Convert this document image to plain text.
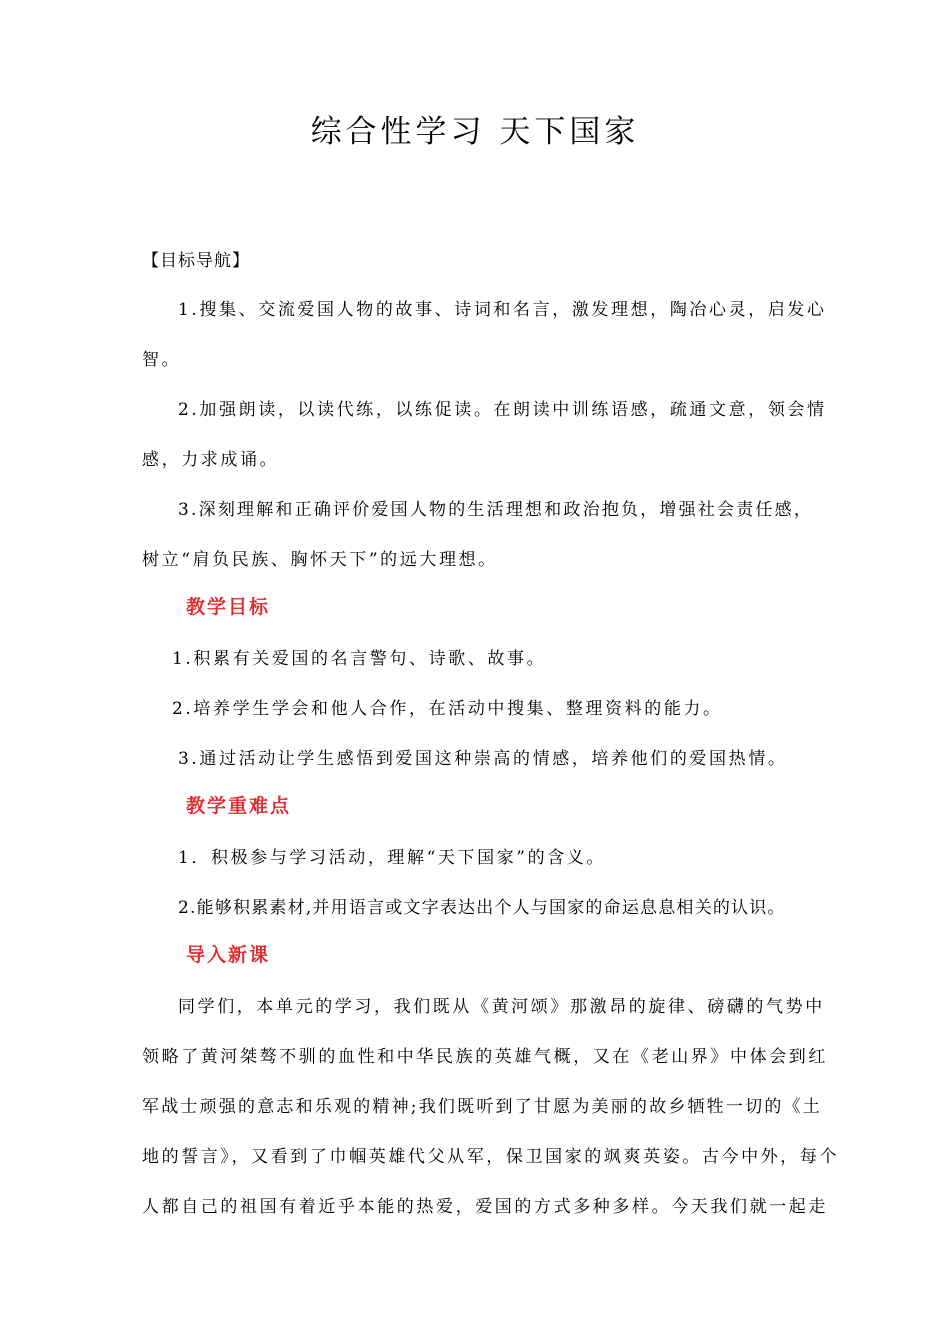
综合性学习 天下国家
【目标导航】
1.搜集、交流爱国人物的故事、诗词和名言，激发理想，陶冶心灵，启发心
智。
2.加强朗读，以读代练，以练促读。在朗读中训练语感，疏通文意，领会情
感，力求成诵。
3.深刻理解和正确评价爱国人物的生活理想和政治抱负，增强社会责任感，
树立“肩负民族、胸怀天下”的远大理想。
教学目标
1.积累有关爱国的名言警句、诗歌、故事。
2.培养学生学会和他人合作，在活动中搜集、整理资料的能力。
3.通过活动让学生感悟到爱国这种崇高的情感，培养他们的爱国热情。
教学重难点
1．积极参与学习活动，理解“天下国家”的含义。
2.能够积累素材,并用语言或文字表达出个人与国家的命运息息相关的认识。
导入新课
同学们，本单元的学习，我们既从《黄河颂》那激昂的旋律、磅礴的气势中
领略了黄河桀骜不驯的血性和中华民族的英雄气概，又在《老山界》中体会到红
军战士顽强的意志和乐观的精神;我们既听到了甘愿为美丽的故乡牺牲一切的《土
地的誓言》，又看到了巾帼英雄代父从军，保卫国家的飒爽英姿。古今中外，每个
人都自己的祖国有着近乎本能的热爱，爱国的方式多种多样。今天我们就一起走
